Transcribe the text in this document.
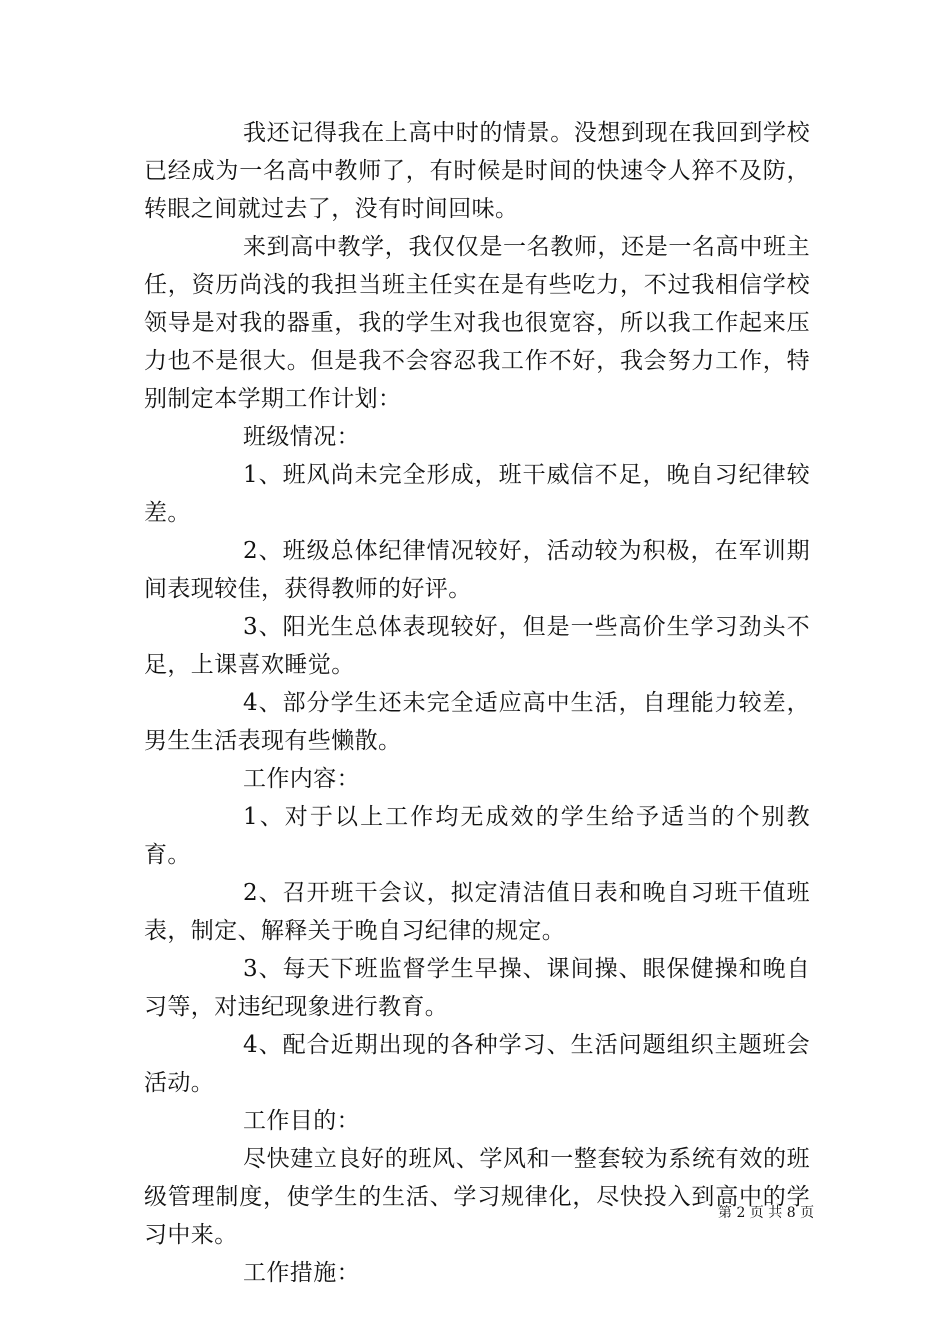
我还记得我在上高中时的情景。没想到现在我回到学校已经成为一名高中教师了，有时候是时间的快速令人猝不及防，转眼之间就过去了，没有时间回味。

来到高中教学，我仅仅是一名教师，还是一名高中班主任，资历尚浅的我担当班主任实在是有些吃力，不过我相信学校领导是对我的器重，我的学生对我也很宽容，所以我工作起来压力也不是很大。但是我不会容忍我工作不好，我会努力工作，特别制定本学期工作计划：

班级情况：

1、班风尚未完全形成，班干威信不足，晚自习纪律较差。

2、班级总体纪律情况较好，活动较为积极，在军训期间表现较佳，获得教师的好评。

3、阳光生总体表现较好，但是一些高价生学习劲头不足，上课喜欢睡觉。

4、部分学生还未完全适应高中生活，自理能力较差，男生生活表现有些懒散。

工作内容：

1、对于以上工作均无成效的学生给予适当的个别教育。

2、召开班干会议，拟定清洁值日表和晚自习班干值班表，制定、解释关于晚自习纪律的规定。

3、每天下班监督学生早操、课间操、眼保健操和晚自习等，对违纪现象进行教育。

4、配合近期出现的各种学习、生活问题组织主题班会活动。

工作目的：

尽快建立良好的班风、学风和一整套较为系统有效的班级管理制度，使学生的生活、学习规律化，尽快投入到高中的学习中来。

工作措施：

第 2 页 共 8 页
